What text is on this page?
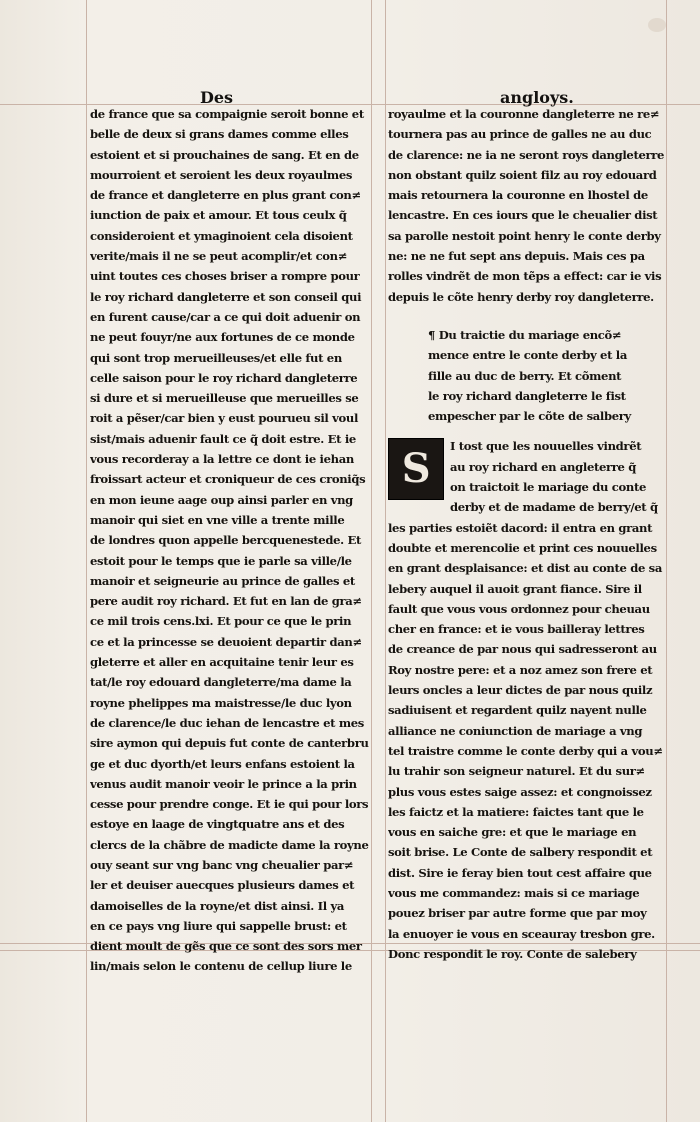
Des	angloys.
de france que sa compaignie seroit bonne et
belle de deux si grans dames comme elles
estoient et si prouchaines de sang. Et en de
mourroient et seroient les deux royaulmes
de france et dangleterre en plus grant con≠
iunction de paix et amour. Et tous ceulx q̃
consideroient et ymaginoient cela disoient
verite/mais il ne se peut acomplir/et con≠
uint toutes ces choses briser a rompre pour
le roy richard dangleterre et son conseil qui
en furent cause/car a ce qui doit aduenir on
ne peut fouyr/ne aux fortunes de ce monde
qui sont trop merueilleuses/et elle fut en
celle saison pour le roy richard dangleterre
si dure et si merueilleuse que merueilles se
roit a pẽser/car bien y eust pourueu sil voul
sist/mais aduenir fault ce q̃ doit estre. Et ie
vous recorderay a la lettre ce dont ie iehan
froissart acteur et croniqueur de ces croniq̃s
en mon ieune aage oup ainsi parler en vng
manoir qui siet en vne ville a trente mille
de londres quon appelle bercquenestede. Et
estoit pour le temps que ie parle sa ville/le
manoir et seigneurie au prince de galles et
pere audit roy richard. Et fut en lan de gra≠
ce mil trois cens.lxi. Et pour ce que le prin
ce et la princesse se deuoient departir dan≠
gleterre et aller en acquitaine tenir leur es
tat/le roy edouard dangleterre/ma dame la
royne phelippes ma maistresse/le duc lyon
de clarence/le duc iehan de lencastre et mes
sire aymon qui depuis fut conte de canterbru
ge et duc dyorth/et leurs enfans estoient la
venus audit manoir veoir le prince a la prin
cesse pour prendre conge. Et ie qui pour lors
estoye en laage de vingtquatre ans et des
clercs de la chãbre de madicte dame la royne
ouy seant sur vng banc vng cheualier par≠
ler et deuiser auecques plusieurs dames et
damoiselles de la royne/et dist ainsi. Il ya
en ce pays vng liure qui sappelle brust: et
dient moult de gẽs que ce sont des sors mer
lin/mais selon le contenu de cellup liure le
royaulme et la couronne dangleterre ne re≠
tournera pas au prince de galles ne au duc
de clarence: ne ia ne seront roys dangleterre
non obstant quilz soient filz au roy edouard
mais retournera la couronne en lhostel de
lencastre. En ces iours que le cheualier dist
sa parolle nestoit point henry le conte derby
ne: ne ne fut sept ans depuis. Mais ces pa
rolles vindrẽt de mon tẽps a effect: car ie vis
depuis le cõte henry derby roy dangleterre.
¶ Du traictie du mariage encõ≠
mence entre le conte derby et la
fille au duc de berry. Et cõment
le roy richard dangleterre le fist
empescher par le cõte de salbery
S	I tost que les nouuelles vindrẽt
au roy richard en angleterre q̃
on traictoit le mariage du conte
derby et de madame de berry/et q̃
les parties estoiẽt dacord: il entra en grant
doubte et merencolie et print ces nouuelles
en grant desplaisance: et dist au conte de sa
lebery auquel il auoit grant fiance. Sire il
fault que vous vous ordonnez pour cheuau
cher en france: et ie vous bailleray lettres
de creance de par nous qui sadresseront au
Roy nostre pere: et a noz amez son frere et
leurs oncles a leur dictes de par nous quilz
sadiuisent et regardent quilz nayent nulle
alliance ne coniunction de mariage a vng
tel traistre comme le conte derby qui a vou≠
lu trahir son seigneur naturel. Et du sur≠
plus vous estes saige assez: et congnoissez
les faictz et la matiere: faictes tant que le
vous en saiche gre: et que le mariage en
soit brise. Le Conte de salbery respondit et
dist. Sire ie feray bien tout cest affaire que
vous me commandez: mais si ce mariage
pouez briser par autre forme que par moy
la enuoyer ie vous en sceauray tresbon gre.
Donc respondit le roy. Conte de salebery
